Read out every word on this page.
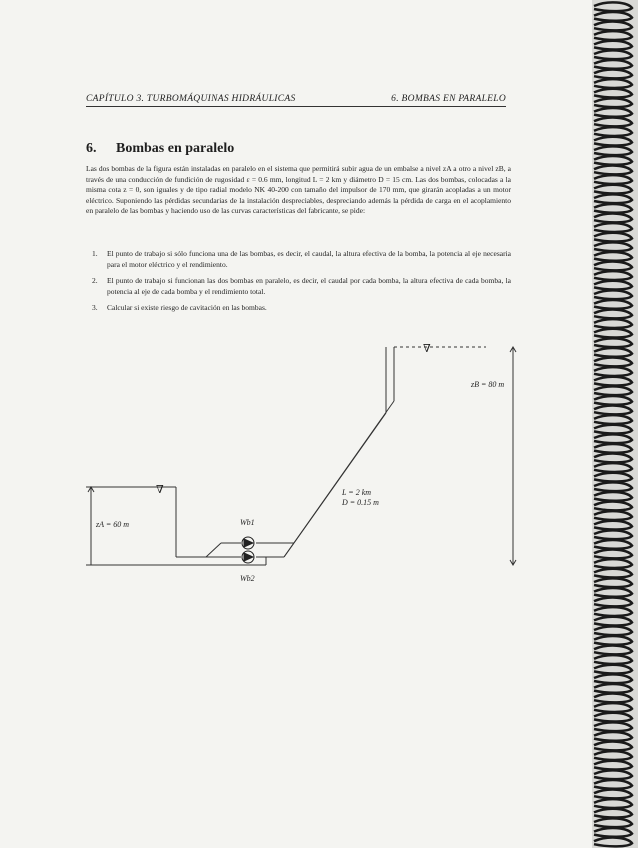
CAPÍTULO 3. TURBOMÁQUINAS HIDRÁULICAS	6. BOMBAS EN PARALELO
6. Bombas en paralelo

Las dos bombas de la figura están instaladas en paralelo en el sistema que permitirá subir agua de un embalse a nivel zA a otro a nivel zB, a través de una conducción de fundición de rugosidad ε = 0.6 mm, longitud L = 2 km y diámetro D = 15 cm. Las dos bombas, colocadas a la misma cota z = 0, son iguales y de tipo radial modelo NK 40-200 con tamaño del impulsor de 170 mm, que girarán acopladas a un motor eléctrico. Suponiendo las pérdidas secundarias de la instalación despreciables, despreciando además la pérdida de carga en el acoplamiento en paralelo de las bombas y haciendo uso de las curvas características del fabricante, se pide:

1. El punto de trabajo si sólo funciona una de las bombas, es decir, el caudal, la altura efectiva de la bomba, la potencia al eje necesaria para el motor eléctrico y el rendimiento.
2. El punto de trabajo si funcionan las dos bombas en paralelo, es decir, el caudal por cada bomba, la altura efectiva de cada bomba, la potencia al eje de cada bomba y el rendimiento total.
3. Calcular si existe riesgo de cavitación en las bombas.
∇
∇
zA = 60 m
zB = 80 m
L = 2 km
D = 0.15 m
Wb1
Wb2
